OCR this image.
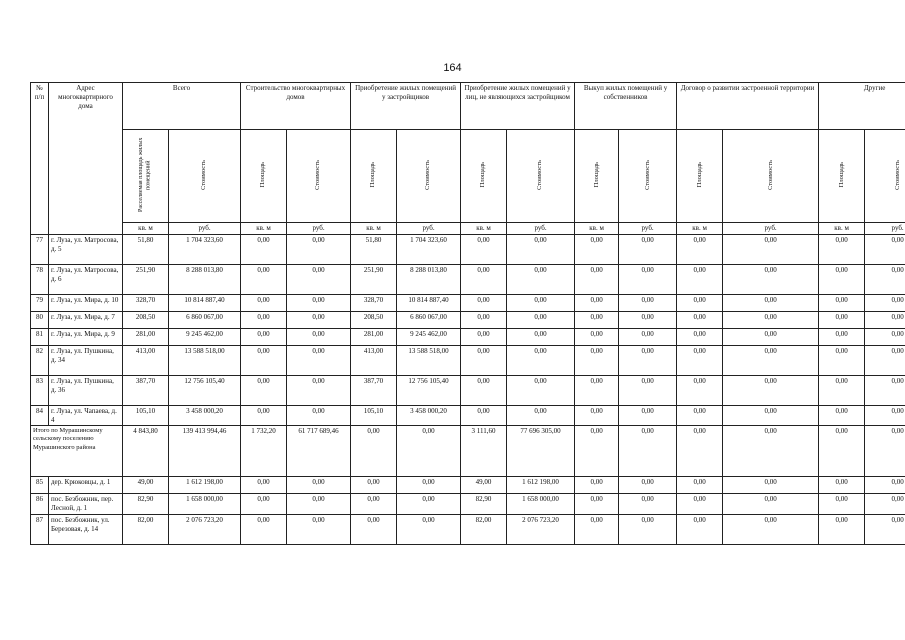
164
№ п/п	Адрес многоквартирного дома	Всего		Строительство многоквартирных домов		Приобретение жилых помещений у застройщиков		Приобретение жилых помещений у лиц, не являющихся застройщиком		Выкуп жилых помещений у собственников		Договор о развитии застроенной территории		Другие	
		Расселяемая площадь жилых помещений	Стоимость	Площадь	Стоимость	Площадь	Стоимость	Площадь	Стоимость	Площадь	Стоимость	Площадь	Стоимость	Площадь	Стоимость
		кв. м	руб.	кв. м	руб.	кв. м	руб.	кв. м	руб.	кв. м	руб.	кв. м	руб.	кв. м	руб.
77	г. Луза, ул. Матросова, д. 5	51,80	1 704 323,60	0,00	0,00	51,80	1 704 323,60	0,00	0,00	0,00	0,00	0,00	0,00	0,00	0,00
78	г. Луза, ул. Матросова, д. 6	251,90	8 288 013,80	0,00	0,00	251,90	8 288 013,80	0,00	0,00	0,00	0,00	0,00	0,00	0,00	0,00
79	г. Луза, ул. Мира, д. 10	328,70	10 814 887,40	0,00	0,00	328,70	10 814 887,40	0,00	0,00	0,00	0,00	0,00	0,00	0,00	0,00
80	г. Луза, ул. Мира, д. 7	208,50	6 860 067,00	0,00	0,00	208,50	6 860 067,00	0,00	0,00	0,00	0,00	0,00	0,00	0,00	0,00
81	г. Луза, ул. Мира, д. 9	281,00	9 245 462,00	0,00	0,00	281,00	9 245 462,00	0,00	0,00	0,00	0,00	0,00	0,00	0,00	0,00
82	г. Луза, ул. Пушкина, д. 34	413,00	13 588 518,00	0,00	0,00	413,00	13 588 518,00	0,00	0,00	0,00	0,00	0,00	0,00	0,00	0,00
83	г. Луза, ул. Пушкина, д. 36	387,70	12 756 105,40	0,00	0,00	387,70	12 756 105,40	0,00	0,00	0,00	0,00	0,00	0,00	0,00	0,00
84	г. Луза, ул. Чапаева, д. 4	105,10	3 458 000,20	0,00	0,00	105,10	3 458 000,20	0,00	0,00	0,00	0,00	0,00	0,00	0,00	0,00
Итого по Мурашинскому сельскому поселению Мурашинского района		4 843,80	139 413 994,46	1 732,20	61 717 689,46	0,00	0,00	3 111,60	77 696 305,00	0,00	0,00	0,00	0,00	0,00	0,00
85	дер. Крюковцы, д. 1	49,00	1 612 198,00	0,00	0,00	0,00	0,00	49,00	1 612 198,00	0,00	0,00	0,00	0,00	0,00	0,00
86	пос. Безбожник, пер. Лесной, д. 1	82,90	1 658 000,00	0,00	0,00	0,00	0,00	82,90	1 658 000,00	0,00	0,00	0,00	0,00	0,00	0,00
87	пос. Безбожник, ул. Березовая, д. 14	82,00	2 076 723,20	0,00	0,00	0,00	0,00	82,00	2 076 723,20	0,00	0,00	0,00	0,00	0,00	0,00
